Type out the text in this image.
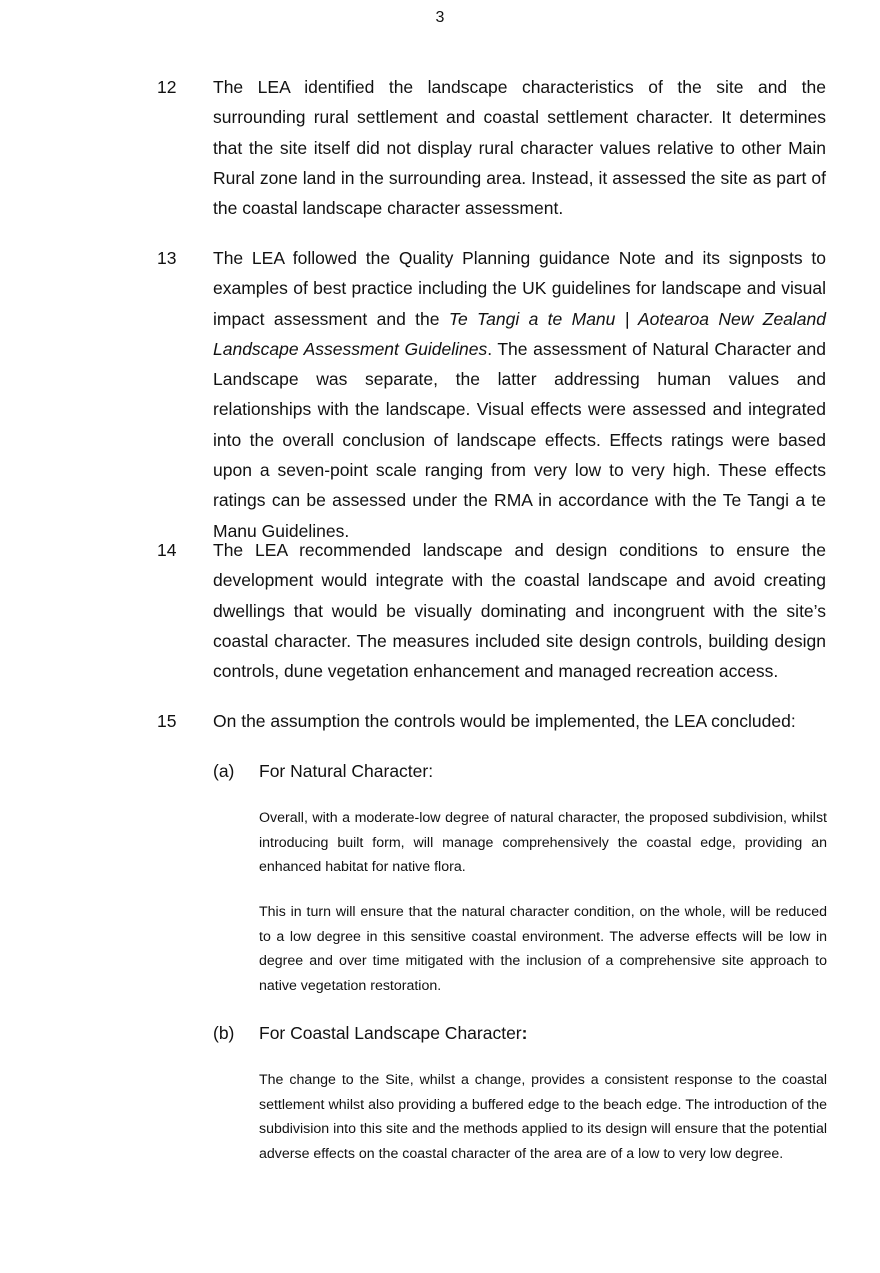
3
12 The LEA identified the landscape characteristics of the site and the surrounding rural settlement and coastal settlement character. It determines that the site itself did not display rural character values relative to other Main Rural zone land in the surrounding area. Instead, it assessed the site as part of the coastal landscape character assessment.

13 The LEA followed the Quality Planning guidance Note and its signposts to examples of best practice including the UK guidelines for landscape and visual impact assessment and the Te Tangi a te Manu | Aotearoa New Zealand Landscape Assessment Guidelines. The assessment of Natural Character and Landscape was separate, the latter addressing human values and relationships with the landscape. Visual effects were assessed and integrated into the overall conclusion of landscape effects. Effects ratings were based upon a seven-point scale ranging from very low to very high. These effects ratings can be assessed under the RMA in accordance with the Te Tangi a te Manu Guidelines.

14 The LEA recommended landscape and design conditions to ensure the development would integrate with the coastal landscape and avoid creating dwellings that would be visually dominating and incongruent with the site’s coastal character. The measures included site design controls, building design controls, dune vegetation enhancement and managed recreation access.

15 On the assumption the controls would be implemented, the LEA concluded:

(a) For Natural Character:

Overall, with a moderate-low degree of natural character, the proposed subdivision, whilst introducing built form, will manage comprehensively the coastal edge, providing an enhanced habitat for native flora.

This in turn will ensure that the natural character condition, on the whole, will be reduced to a low degree in this sensitive coastal environment. The adverse effects will be low in degree and over time mitigated with the inclusion of a comprehensive site approach to native vegetation restoration.

(b) For Coastal Landscape Character:

The change to the Site, whilst a change, provides a consistent response to the coastal settlement whilst also providing a buffered edge to the beach edge. The introduction of the subdivision into this site and the methods applied to its design will ensure that the potential adverse effects on the coastal character of the area are of a low to very low degree.
